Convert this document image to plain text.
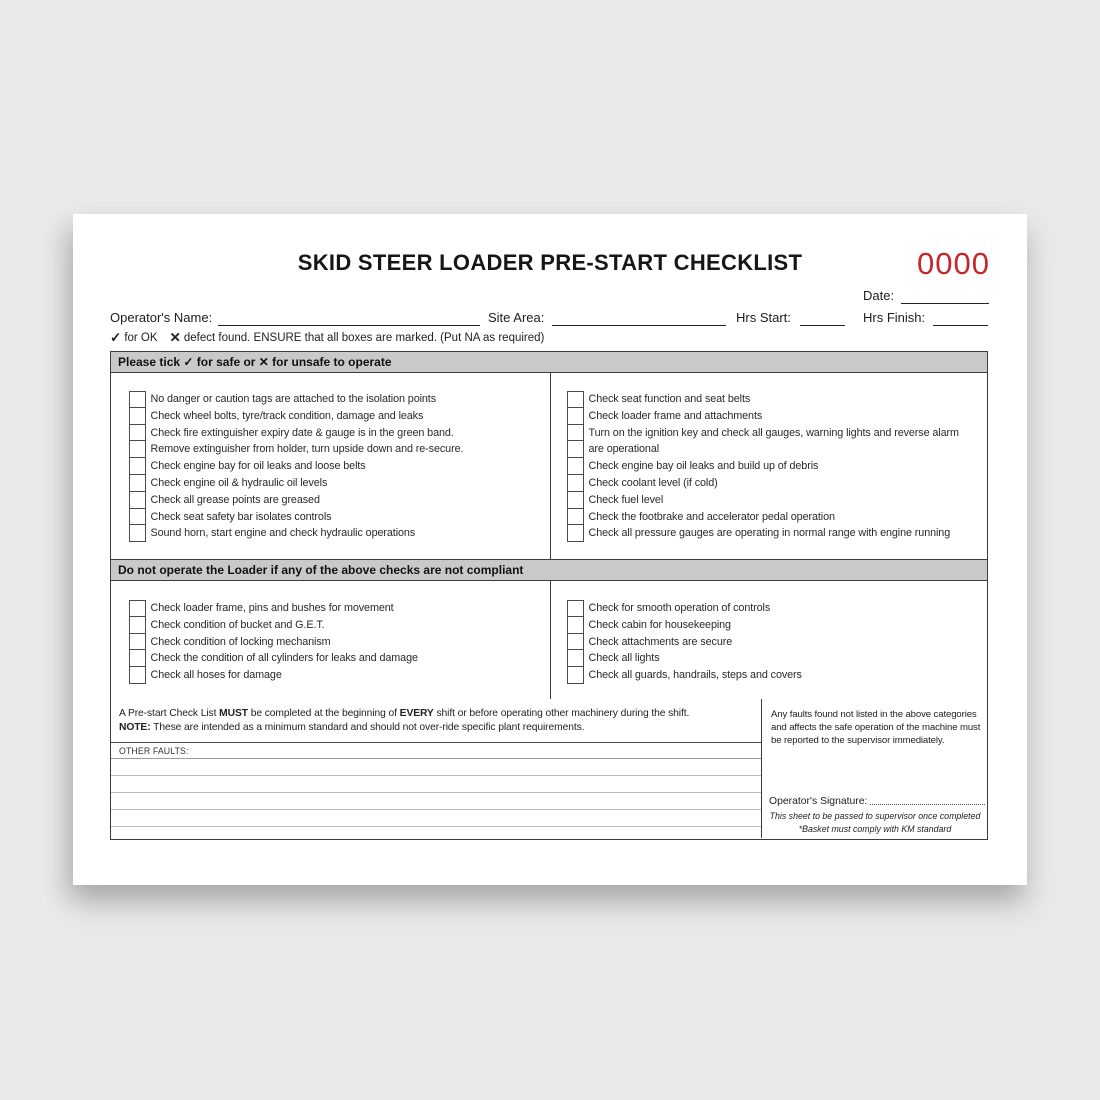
SKID STEER LOADER PRE-START CHECKLIST	0000
Date:
Operator's Name:	Site Area:	Hrs Start:	Hrs Finish:
✓ for OK ✕ defect found. ENSURE that all boxes are marked. (Put NA as required)
Please tick ✓ for safe or ✕ for unsafe to operate
No danger or caution tags are attached to the isolation points
Check wheel bolts, tyre/track condition, damage and leaks
Check fire extinguisher expiry date & gauge is in the green band.
Remove extinguisher from holder, turn upside down and re-secure.
Check engine bay for oil leaks and loose belts
Check engine oil & hydraulic oil levels
Check all grease points are greased
Check seat safety bar isolates controls
Sound horn, start engine and check hydraulic operations
Check seat function and seat belts
Check loader frame and attachments
Turn on the ignition key and check all gauges, warning lights and reverse alarm
are operational
Check engine bay oil leaks and build up of debris
Check coolant level (if cold)
Check fuel level
Check the footbrake and accelerator pedal operation
Check all pressure gauges are operating in normal range with engine running
Do not operate the Loader if any of the above checks are not compliant
Check loader frame, pins and bushes for movement
Check condition of bucket and G.E.T.
Check condition of locking mechanism
Check the condition of all cylinders for leaks and damage
Check all hoses for damage
Check for smooth operation of controls
Check cabin for housekeeping
Check attachments are secure
Check all lights
Check all guards, handrails, steps and covers
A Pre-start Check List MUST be completed at the beginning of EVERY shift or before operating other machinery during the shift.
NOTE: These are intended as a minimum standard and should not over-ride specific plant requirements.
OTHER FAULTS:
Any faults found not listed in the above categories and affects the safe operation of the machine must be reported to the supervisor immediately.
Operator's Signature:
This sheet to be passed to supervisor once completed
*Basket must comply with KM standard
